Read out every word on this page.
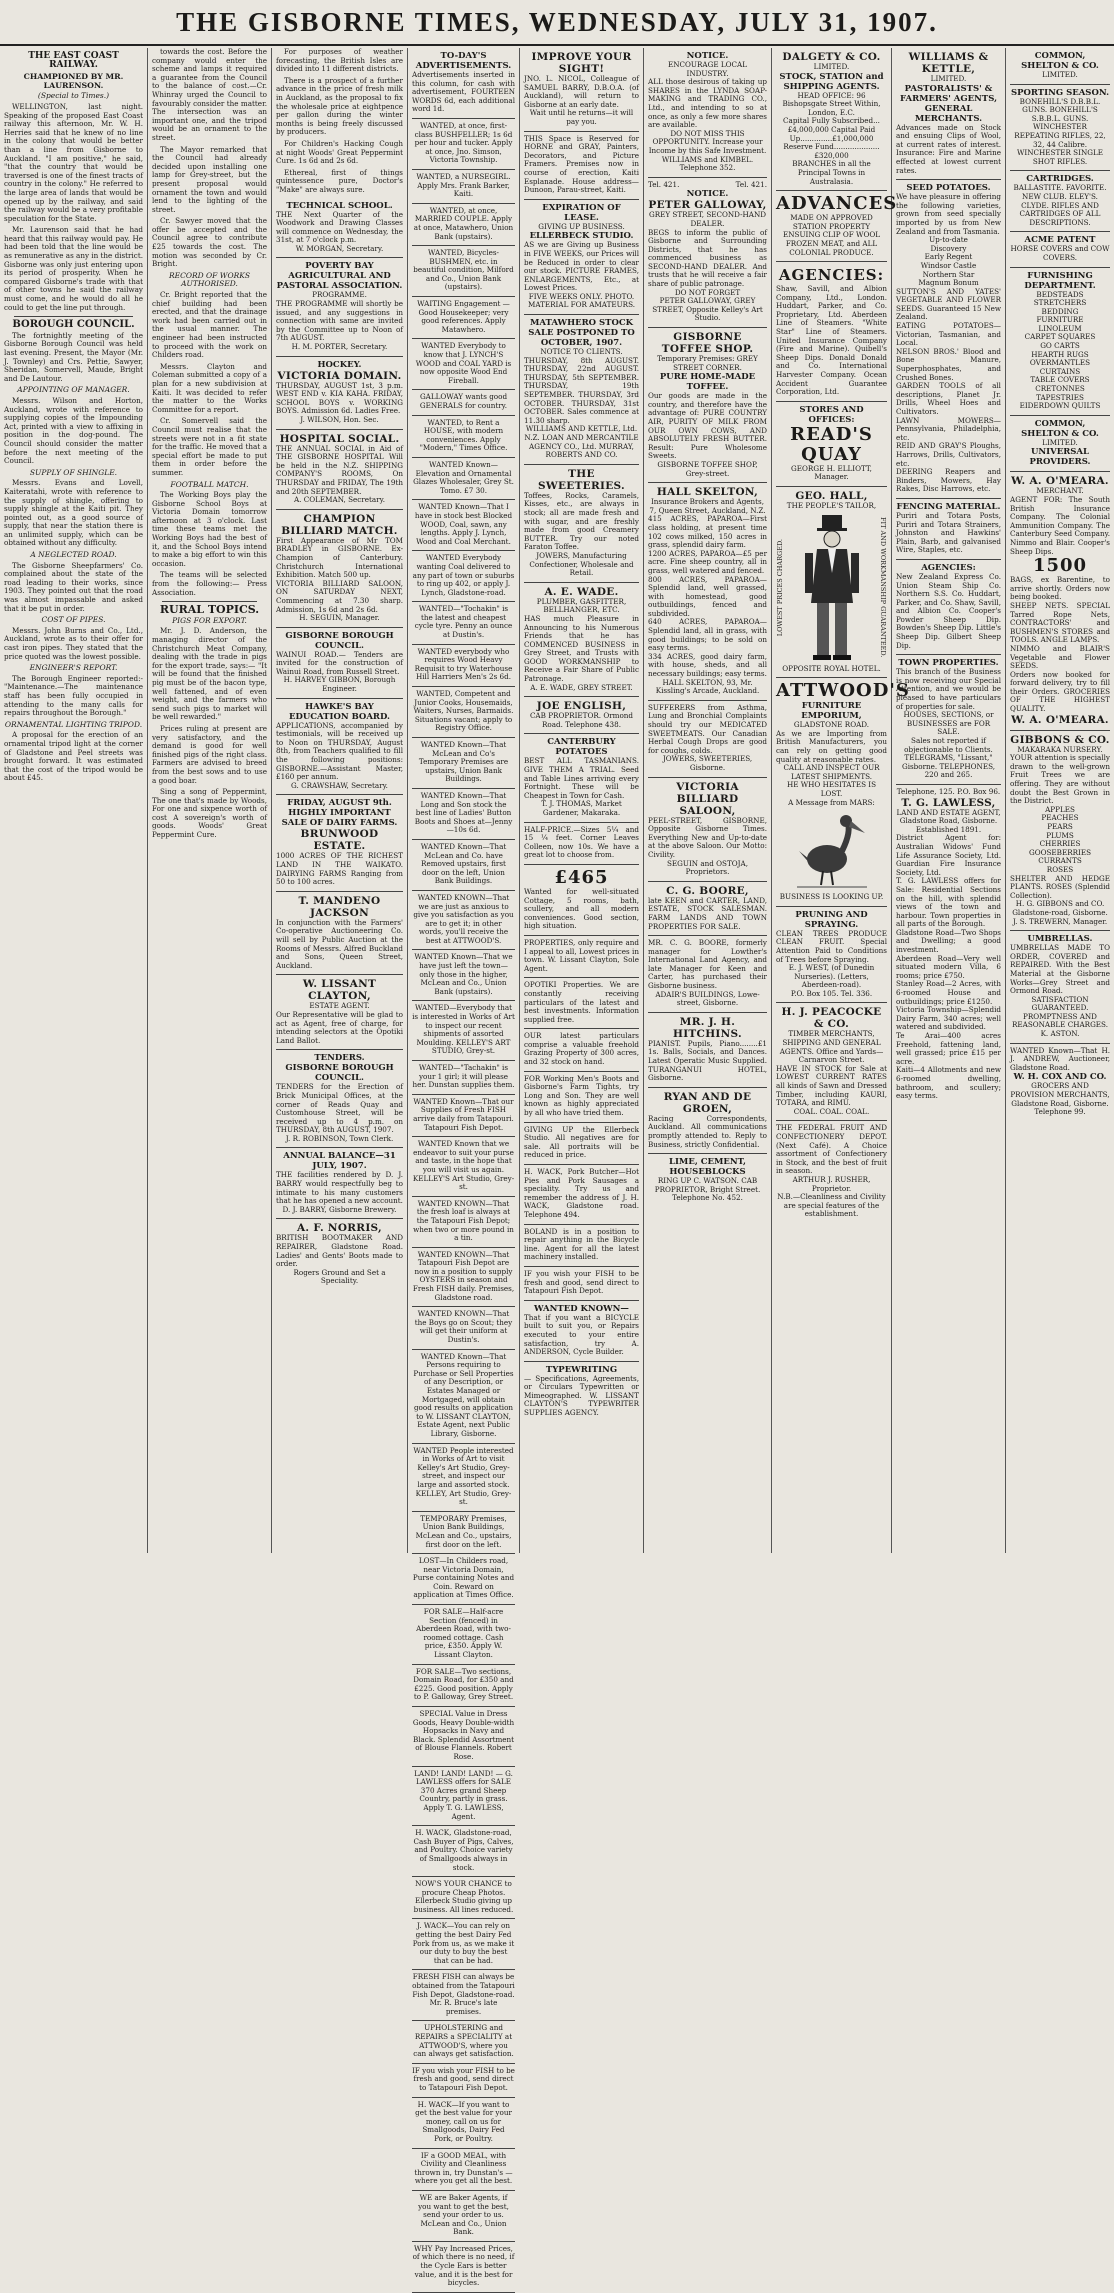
THE GISBORNE TIMES, WEDNESDAY, JULY 31, 1907.
THE EAST COAST RAILWAY.
CHAMPIONED BY MR. LAURENSON.
(Special to Times.)

WELLINGTON, last night. Speaking of the proposed East Coast railway this afternoon, Mr. W. H. Herries said that he knew of no line in the colony that would be better than a line from Gisborne to Auckland. "I am positive," he said, "that the country that would be traversed is one of the finest tracts of country in the colony." He referred to the large area of lands that would be opened up by the railway, and said the railway would be a very profitable speculation for the State.

Mr. Laurenson said that he had heard that this railway would pay. He had been told that the line would be as remunerative as any in the district. Gisborne was only just entering upon its period of prosperity. When he compared Gisborne's trade with that of other towns he said the railway must come, and he would do all he could to get the line put through.

BOROUGH COUNCIL.

The fortnightly meeting of the Gisborne Borough Council was held last evening. Present, the Mayor (Mr. J. Townley) and Crs. Pettie, Sawyer, Sheridan, Somervell, Maude, Bright and De Lautour.

APPOINTING OF MANAGER.

Messrs. Wilson and Horton, Auckland, wrote with reference to supplying copies of the Impounding Act, printed with a view to affixing in position in the dog-pound. The Council should consider the matter before the next meeting of the Council.

SUPPLY OF SHINGLE.

Messrs. Evans and Lovell, Kaiteratahi, wrote with reference to the supply of shingle, offering to supply shingle at the Kaiti pit. They pointed out, as a good source of supply, that near the station there is an unlimited supply, which can be obtained without any difficulty.

A NEGLECTED ROAD.

The Gisborne Sheepfarmers' Co. complained about the state of the road leading to their works, since 1903. They pointed out that the road was almost impassable and asked that it be put in order.

COST OF PIPES.

Messrs. John Burns and Co., Ltd., Auckland, wrote as to their offer for cast iron pipes. They stated that the price quoted was the lowest possible.

ENGINEER'S REPORT.

The Borough Engineer reported:- "Maintenance.—The maintenance staff has been fully occupied in attending to the many calls for repairs throughout the Borough."

ORNAMENTAL LIGHTING TRIPOD.

A proposal for the erection of an ornamental tripod light at the corner of Gladstone and Peel streets was brought forward. It was estimated that the cost of the tripod would be about £45.

towards the cost. Before the company would enter the scheme and lamps it required a guarantee from the Council to the balance of cost.—Cr. Whinray urged the Council to favourably consider the matter. The intersection was an important one, and the tripod would be an ornament to the street.

The Mayor remarked that the Council had already decided upon installing one lamp for Grey-street, but the present proposal would ornament the town and would lend to the lighting of the street.

Cr. Sawyer moved that the offer be accepted and the Council agree to contribute £25 towards the cost. The motion was seconded by Cr. Bright.

RECORD OF WORKS AUTHORISED.

Cr. Bright reported that the chief building had been erected, and that the drainage work had been carried out in the usual manner. The engineer had been instructed to proceed with the work on Childers road.

Messrs. Clayton and Coleman submitted a copy of a plan for a new subdivision at Kaiti. It was decided to refer the matter to the Works Committee for a report.

Cr. Somervell said the Council must realise that the streets were not in a fit state for the traffic. He moved that a special effort be made to put them in order before the summer.

FOOTBALL MATCH.

The Working Boys play the Gisborne School Boys at Victoria Domain tomorrow afternoon at 3 o'clock. Last time these teams met the Working Boys had the best of it, and the School Boys intend to make a big effort to win this occasion.

The teams will be selected from the following:— Press Association.

RURAL TOPICS.
PIGS FOR EXPORT.

Mr. J. D. Anderson, the managing director of the Christchurch Meat Company, dealing with the trade in pigs for the export trade, says:— "It will be found that the finished pig must be of the bacon type, well fattened, and of even weight, and the farmers who send such pigs to market will be well rewarded."

Prices ruling at present are very satisfactory, and the demand is good for well finished pigs of the right class. Farmers are advised to breed from the best sows and to use a good boar.

Sing a song of Peppermint, The one that's made by Woods, For one and sixpence worth of cost A sovereign's worth of goods. Woods' Great Peppermint Cure.

For purposes of weather forecasting, the British Isles are divided into 11 different districts.

There is a prospect of a further advance in the price of fresh milk in Auckland, as the proposal to fix the wholesale price at eightpence per gallon during the winter months is being freely discussed by producers.

For Children's Hacking Cough at night Woods' Great Peppermint Cure. 1s 6d and 2s 6d.

Ethereal, first of things quintessence pure, Doctor's "Make" are always sure.

TECHNICAL SCHOOL.
THE Next Quarter of the Woodwork and Drawing Classes will commence on Wednesday, the 31st, at 7 o'clock p.m.
W. MORGAN, Secretary.
POVERTY BAY AGRICULTURAL AND PASTORAL ASSOCIATION.
PROGRAMME.
THE PROGRAMME will shortly be issued, and any suggestions in connection with same are invited by the Committee up to Noon of 7th AUGUST.
H. M. PORTER, Secretary.
HOCKEY.
VICTORIA DOMAIN.
THURSDAY, AUGUST 1st, 3 p.m. WEST END v. KIA KAHA. FRIDAY, SCHOOL BOYS v. WORKING BOYS. Admission 6d. Ladies Free.
J. WILSON, Hon. Sec.
HOSPITAL SOCIAL.
THE ANNUAL SOCIAL in Aid of THE GISBORNE HOSPITAL Will be held in the N.Z. SHIPPING COMPANY'S ROOMS, On THURSDAY and FRIDAY, The 19th and 20th SEPTEMBER.
A. COLEMAN, Secretary.
CHAMPION BILLIARD MATCH.
First Appearance of Mr TOM BRADLEY in GISBORNE. Ex-Champion of Canterbury. Christchurch International Exhibition. Match 500 up.
VICTORIA BILLIARD SALOON, ON SATURDAY NEXT, Commencing at 7.30 sharp. Admission, 1s 6d and 2s 6d.
H. SEGUIN, Manager.
GISBORNE BOROUGH COUNCIL.
WAINUI ROAD.— Tenders are invited for the construction of Wainui Road, from Russell Street.
H. HARVEY GIBBON, Borough Engineer.
HAWKE'S BAY EDUCATION BOARD.
APPLICATIONS, accompanied by testimonials, will be received up to Noon on THURSDAY, August 8th, from Teachers qualified to fill the following positions: GISBORNE.—Assistant Master, £160 per annum.
G. CRAWSHAW, Secretary.
FRIDAY, AUGUST 9th.
HIGHLY IMPORTANT SALE OF DAIRY FARMS.
BRUNWOOD ESTATE.
1000 ACRES OF THE RICHEST LAND IN THE WAIKATO. DAIRYING FARMS Ranging from 50 to 100 acres.
T. MANDENO JACKSON
In conjunction with the Farmers' Co-operative Auctioneering Co. will sell by Public Auction at the Rooms of Messrs. Alfred Buckland and Sons, Queen Street, Auckland.
W. LISSANT CLAYTON,
ESTATE AGENT.
Our Representative will be glad to act as Agent, free of charge, for intending selectors at the Opotiki Land Ballot.
TENDERS.
GISBORNE BOROUGH COUNCIL.
TENDERS for the Erection of Brick Municipal Offices, at the corner of Reads Quay and Customhouse Street, will be received up to 4 p.m. on THURSDAY, 8th AUGUST, 1907.
J. R. ROBINSON, Town Clerk.
ANNUAL BALANCE—31 JULY, 1907.
THE facilities rendered by D. J. BARRY would respectfully beg to intimate to his many customers that he has opened a new account.
D. J. BARRY, Gisborne Brewery.
A. F. NORRIS,
BRITISH BOOTMAKER AND REPAIRER, Gladstone Road. Ladies' and Gents' Boots made to order.
Rogers Ground and Set a Speciality.
TO-DAY'S ADVERTISEMENTS.
Advertisements inserted in this column, for cash with advertisement, FOURTEEN WORDS 6d, each additional word 1d.
WANTED, at once, first-class BUSHFELLER; 1s 6d per hour and tucker. Apply at once, Jno. Simson, Victoria Township.
WANTED, a NURSEGIRL. Apply Mrs. Frank Barker, Kaiti.
WANTED, at once, MARRIED COUPLE. Apply at once, Matawhero, Union Bank (upstairs).
WANTED, Bicycles-BUSHMEN, etc. in beautiful condition, Milford and Co., Union Bank (upstairs).
WAITING Engagement — Good Housekeeper; very good references. Apply Matawhero.
WANTED Everybody to know that J. LYNCH'S WOOD and COAL YARD is now opposite Wood End Fireball.
GALLOWAY wants good GENERALS for country.
WANTED, to Rent a HOUSE, with modern conveniences. Apply "Modern," Times Office.
WANTED Known—Elevation and Ornamental Glazes Wholesaler, Grey St. Tomo. £7 30.
WANTED Known—That I have in stock best Blocked WOOD, Coal, sawn, any lengths. Apply J. Lynch, Wood and Coal Merchant.
WANTED Everybody wanting Coal delivered to any part of town or suburbs to ring up 402, or apply J. Lynch, Gladstone-road.
WANTED—"Tochakin" is the latest and cheapest cycle tyre. Penny an ounce at Dustin's.
WANTED everybody who requires Wood Heavy Requisit to try Waterhouse Hill Harriers Men's 2s 6d.
WANTED, Competent and Junior Cooks, Housemaids, Waiters, Nurses, Barmaids. Situations vacant; apply to Registry Office.
WANTED Known—That McLean and Co's Temporary Premises are upstairs, Union Bank Buildings.
WANTED Known—That Long and Son stock the best line of Ladies' Button Boots and Shoes at—Jenny—10s 6d.
WANTED Known—That McLean and Co. have Removed upstairs, first door on the left, Union Bank Buildings.
WANTED KNOWN—That we are just as anxious to give you satisfaction as you are to get it; in other words, you'll receive the best at ATTWOOD'S.
WANTED Known—That we have just left the town—only those in the higher, McLean and Co., Union Bank (upstairs).
WANTED—Everybody that is interested in Works of Art to inspect our recent shipments of assorted Moulding. KELLEY'S ART STUDIO, Grey-st.
WANTED—"Tachakin" is your 1 girl; it will please her. Dunstan supplies them.
WANTED Known—That our Supplies of Fresh FISH arrive daily from Tatapouri. Tatapouri Fish Depot.
WANTED Known that we endeavor to suit your purse and taste, in the hope that you will visit us again. KELLEY'S Art Studio, Grey-st.
WANTED KNOWN—That the fresh loaf is always at the Tatapouri Fish Depot; when two or more pound in a tin.
WANTED KNOWN—That Tatapouri Fish Depot are now in a position to supply OYSTERS in season and Fresh FISH daily. Premises, Gladstone road.
WANTED KNOWN—That the Boys go on Scout; they will get their uniform at Dustin's.
WANTED Known—That Persons requiring to Purchase or Sell Properties of any Description, or Estates Managed or Mortgaged, will obtain good results on application to W. LISSANT CLAYTON, Estate Agent, next Public Library, Gisborne.
WANTED People interested in Works of Art to visit Kelley's Art Studio, Grey-street, and inspect our large and assorted stock. KELLEY, Art Studio, Grey-st.
TEMPORARY Premises, Union Bank Buildings, McLean and Co., upstairs, first door on the left.
LOST—In Childers road, near Victoria Domain, Purse containing Notes and Coin. Reward on application at Times Office.
FOR SALE—Half-acre Section (fenced) in Aberdeen Road, with two-roomed cottage. Cash price, £350. Apply W. Lissant Clayton.
FOR SALE—Two sections, Domain Road, for £350 and £225. Good position. Apply to P. Galloway, Grey Street.
SPECIAL Value in Dress Goods, Heavy Double-width Hopsacks in Navy and Black. Splendid Assortment of Blouse Flannels. Robert Rose.
LAND! LAND! LAND! — G. LAWLESS offers for SALE 370 Acres grand Sheep Country, partly in grass. Apply T. G. LAWLESS, Agent.
H. WACK, Gladstone-road, Cash Buyer of Pigs, Calves, and Poultry. Choice variety of Smallgoods always in stock.
NOW'S YOUR CHANCE to procure Cheap Photos. Ellerbeck Studio giving up business. All lines reduced.
J. WACK—You can rely on getting the best Dairy Fed Pork from us, as we make it our duty to buy the best that can be had.
FRESH FISH can always be obtained from the Tatapouri Fish Depot, Gladstone-road. Mr. R. Bruce's late premises.
UPHOLSTERING and REPAIRS a SPECIALITY at ATTWOOD'S, where you can always get satisfaction.
IF you wish your FISH to be fresh and good, send direct to Tatapouri Fish Depot.
H. WACK—If you want to get the best value for your money, call on us for Smallgoods, Dairy Fed Pork, or Poultry.
IF a GOOD MEAL, with Civility and Cleanliness thrown in, try Dunstan's — where you get all the best.
WE are Baker Agents, if you want to get the best, send your order to us. McLean and Co., Union Bank.
WHY Pay Increased Prices, of which there is no need, if the Cycle Ears is better value, and it is the best for bicycles.
IMPROVE YOUR SIGHT!
JNO. L. NICOL, Colleague of SAMUEL BARRY, D.B.O.A. (of Auckland), will return to Gisborne at an early date.
Wait until he returns—it will pay you.
THIS Space is Reserved for HORNE and GRAY, Painters, Decorators, and Picture Framers. Premises now in course of erection, Kaiti Esplanade. House address—Dunoon, Parau-street, Kaiti.
EXPIRATION OF LEASE.
GIVING UP BUSINESS.
ELLERBECK STUDIO.
AS we are Giving up Business in FIVE WEEKS, our Prices will be Reduced in order to clear our stock. PICTURE FRAMES, ENLARGEMENTS, Etc., at Lowest Prices.
FIVE WEEKS ONLY. PHOTO. MATERIAL FOR AMATEURS.
MATAWHERO STOCK SALE POSTPONED TO OCTOBER, 1907.
NOTICE TO CLIENTS.
THURSDAY, 8th AUGUST. THURSDAY, 22nd AUGUST. THURSDAY, 5th SEPTEMBER. THURSDAY, 19th SEPTEMBER. THURSDAY, 3rd OCTOBER. THURSDAY, 31st OCTOBER. Sales commence at 11.30 sharp.
WILLIAMS AND KETTLE, Ltd. N.Z. LOAN AND MERCANTILE AGENCY CO., Ltd. MURRAY, ROBERTS AND CO.
THE SWEETERIES.
Toffees, Rocks, Caramels, Kisses, etc., are always in stock; all are made fresh and with sugar, and are freshly made from good Creamery BUTTER. Try our noted Faraton Toffee.
JOWERS, Manufacturing Confectioner, Wholesale and Retail.
A. E. WADE.
PLUMBER, GASFITTER, BELLHANGER, ETC.
HAS much Pleasure in Announcing to his Numerous Friends that he has COMMENCED BUSINESS in Grey Street, and Trusts with GOOD WORKMANSHIP to Receive a Fair Share of Public Patronage.
A. E. WADE, GREY STREET.
JOE ENGLISH,
CAB PROPRIETOR. Ormond Road. Telephone 438.
CANTERBURY POTATOES
BEST ALL TASMANIANS. GIVE THEM A TRIAL. Seed and Table Lines arriving every Fortnight. These will be Cheapest in Town for Cash.
T. J. THOMAS, Market Gardener, Makaraka.
HALF-PRICE.—Sizes 5¼ and 15 ¼ feet. Corner Leaves Colleen, now 10s. We have a great lot to choose from.
£465
Wanted for well-situated Cottage, 5 rooms, bath, scullery, and all modern conveniences. Good section, high situation.
PROPERTIES, only require and I appeal to all, Lowest prices in town. W. Lissant Clayton, Sole Agent.
OPOTIKI Properties. We are constantly receiving particulars of the latest and best investments. Information supplied free.
OUR latest particulars comprise a valuable freehold Grazing Property of 300 acres, and 32 stock on hand.
FOR Working Men's Boots and Gisborne's Farm Tights, try Long and Son. They are well known as highly appreciated by all who have tried them.
GIVING UP the Ellerbeck Studio. All negatives are for sale. All portraits will be reduced in price.
H. WACK, Pork Butcher—Hot Pies and Pork Sausages a speciality. Try us and remember the address of J. H. WACK, Gladstone road. Telephone 494.
BOLAND is in a position to repair anything in the Bicycle line. Agent for all the latest machinery installed.
IF you wish your FISH to be fresh and good, send direct to Tatapouri Fish Depot.
WANTED KNOWN—
That if you want a BICYCLE built to suit you, or Repairs executed to your entire satisfaction, try A. ANDERSON, Cycle Builder.
TYPEWRITING
— Specifications, Agreements, or Circulars Typewritten or Mimeographed. W. LISSANT CLAYTON'S TYPEWRITER SUPPLIES AGENCY.
NOTICE.
ENCOURAGE LOCAL INDUSTRY.
ALL those desirous of taking up SHARES in the LYNDA SOAP-MAKING and TRADING CO., Ltd., and intending to so at once, as only a few more shares are available.
DO NOT MISS THIS OPPORTUNITY. Increase your Income by this Safe Investment.
WILLIAMS and KIMBEL. Telephone 352.
Tel. 421.	Tel. 421.
NOTICE.
PETER GALLOWAY,
GREY STREET, SECOND-HAND DEALER.
BEGS to inform the public of Gisborne and Surrounding Districts, that he has commenced business as SECOND-HAND DEALER. And trusts that he will receive a fair share of public patronage.
DO NOT FORGET
PETER GALLOWAY, GREY STREET, Opposite Kelley's Art Studio.
GISBORNE TOFFEE SHOP.
Temporary Premises: GREY STREET CORNER.
PURE HOME-MADE TOFFEE.
Our goods are made in the country, and therefore have the advantage of: PURE COUNTRY AIR, PURITY OF MILK FROM OUR OWN COWS, AND ABSOLUTELY FRESH BUTTER. Result: Pure Wholesome Sweets.
GISBORNE TOFFEE SHOP, Grey-street.
HALL SKELTON,
Insurance Brokers and Agents, 7, Queen Street, Auckland, N.Z.
415 ACRES, PAPAROA—First class holding, at present time 102 cows milked, 150 acres in grass, splendid dairy farm.
1200 ACRES, PAPAROA—£5 per acre. Fine sheep country, all in grass, well watered and fenced.
800 ACRES, PAPAROA—Splendid land, well grassed, with homestead, good outbuildings, fenced and subdivided.
640 ACRES, PAPAROA—Splendid land, all in grass, with good buildings; to be sold on easy terms.
334 ACRES, good dairy farm, with house, sheds, and all necessary buildings; easy terms.
HALL SKELTON, 93, Mr. Kissling's Arcade, Auckland.
SUFFERERS from Asthma, Lung and Bronchial Complaints should try our MEDICATED SWEETMEATS. Our Canadian Herbal Cough Drops are good for coughs, colds.
JOWERS, SWEETERIES, Gisborne.
VICTORIA BILLIARD SALOON,
PEEL-STREET, GISBORNE, Opposite Gisborne Times. Everything New and Up-to-date at the above Saloon. Our Motto: Civility.
SEGUIN and OSTOJA, Proprietors.
C. G. BOORE,
late KEEN and CARTER, LAND, ESTATE, STOCK SALESMAN. FARM LANDS AND TOWN PROPERTIES FOR SALE.
MR. C. G. BOORE, formerly manager for Lowther's International Land Agency, and late Manager for Keen and Carter, has purchased their Gisborne business.
ADAIR'S BUILDINGS, Lowe-street, Gisborne.
MR. J. H. HITCHINS.
PIANIST. Pupils, Piano........£1 1s. Balls, Socials, and Dances. Latest Operatic Music Supplied. TURANGANUI HOTEL, Gisborne.
RYAN AND DE GROEN,
Racing Correspondents, Auckland. All communications promptly attended to. Reply to Business, strictly Confidential.
LIME, CEMENT, HOUSEBLOCKS
RING UP C. WATSON. CAB PROPRIETOR, Bright Street. Telephone No. 452.
DALGETY & CO.
LIMITED.
STOCK, STATION and SHIPPING AGENTS.
HEAD OFFICE: 96 Bishopsgate Street Within, London, E.C.
Capital Fully Subscribed...£4,000,000 Capital Paid Up..............£1,000,000 Reserve Fund....................£320,000
BRANCHES in all the Principal Towns in Australasia.
ADVANCES
MADE ON APPROVED STATION PROPERTY ENSUING CLIP OF WOOL FROZEN MEAT, and ALL COLONIAL PRODUCE.
AGENCIES:
Shaw, Savill, and Albion Company, Ltd., London. Huddart, Parker, and Co. Proprietary, Ltd. Aberdeen Line of Steamers. "White Star" Line of Steamers. United Insurance Company (Fire and Marine). Quibell's Sheep Dips. Donald Donald and Co. International Harvester Company. Ocean Accident Guarantee Corporation, Ltd.
STORES AND OFFICES:
READ'S QUAY
GEORGE H. ELLIOTT, Manager.
GEO. HALL,
THE PEOPLE'S TAILOR,
LOWEST PRICES CHARGED.	FIT AND WORKMANSHIP GUARANTEED.
OPPOSITE ROYAL HOTEL.
ATTWOOD'S
FURNITURE EMPORIUM,
GLADSTONE ROAD.
As we are Importing from British Manufacturers, you can rely on getting good quality at reasonable rates.
CALL AND INSPECT OUR LATEST SHIPMENTS.
HE WHO HESITATES IS LOST.
A Message from MARS:
BUSINESS IS LOOKING UP.
PRUNING AND SPRAYING.
CLEAN TREES PRODUCE CLEAN FRUIT. Special Attention Paid to Conditions of Trees before Spraying.
E. J. WEST, (of Dunedin Nurseries). (Letters, Aberdeen-road).
P.O. Box 105. Tel. 336.
H. J. PEACOCKE & CO.
TIMBER MERCHANTS, SHIPPING AND GENERAL AGENTS. Office and Yards—Carnarvon Street.
HAVE IN STOCK for Sale at LOWEST CURRENT RATES all kinds of Sawn and Dressed Timber, including KAURI, TOTARA, and RIMU.
COAL. COAL. COAL.
THE FEDERAL FRUIT AND CONFECTIONERY DEPOT. (Next Café). A Choice assortment of Confectionery in Stock, and the best of fruit in season.
ARTHUR J. RUSHER, Proprietor.
N.B.—Cleanliness and Civility are special features of the establishment.
WILLIAMS & KETTLE,
LIMITED.
PASTORALISTS' & FARMERS' AGENTS,
GENERAL MERCHANTS.
Advances made on Stock and ensuing Clips of Wool, at current rates of interest. Insurance: Fire and Marine effected at lowest current rates.
SEED POTATOES.
We have pleasure in offering the following varieties, grown from seed specially imported by us from New Zealand and from Tasmania.
Up-to-date
Discovery
Early Regent
Windsor Castle
Northern Star
Magnum Bonum
SUTTON'S AND YATES' VEGETABLE AND FLOWER SEEDS. Guaranteed 15 New Zealand.
EATING POTATOES—Victorian, Tasmanian, and Local.
NELSON BROS.' Blood and Bone Manure, Superphosphates, and Crushed Bones.
GARDEN TOOLS of all descriptions, Planet Jr. Drills, Wheel Hoes and Cultivators.
LAWN MOWERS—Pennsylvania, Philadelphia, etc.
REID AND GRAY'S Ploughs, Harrows, Drills, Cultivators, etc.
DEERING Reapers and Binders, Mowers, Hay Rakes, Disc Harrows, etc.
FENCING MATERIAL.
Puriri and Totara Posts, Puriri and Totara Strainers, Johnston and Hawkins' Plain, Barb, and galvanised Wire, Staples, etc.
AGENCIES:
New Zealand Express Co. Union Steam Ship Co. Northern S.S. Co. Huddart, Parker, and Co. Shaw, Savill, and Albion Co. Cooper's Powder Sheep Dip. Bowden's Sheep Dip. Little's Sheep Dip. Gilbert Sheep Dip.
TOWN PROPERTIES.
This branch of the Business is now receiving our Special Attention, and we would be pleased to have particulars of properties for sale.
HOUSES, SECTIONS, or BUSINESSES are FOR SALE.
Sales not reported if objectionable to Clients.
TELEGRAMS, "Lissant," Gisborne. TELEPHONES, 220 and 265.
Telephone, 125. P.O. Box 96.
T. G. LAWLESS,
LAND AND ESTATE AGENT, Gladstone Road, Gisborne. Established 1891.
District Agent for: Australian Widows' Fund Life Assurance Society, Ltd. Guardian Fire Insurance Society, Ltd.
T. G. LAWLESS offers for Sale: Residential Sections on the hill, with splendid views of the town and harbour. Town properties in all parts of the Borough.
Gladstone Road—Two Shops and Dwelling; a good investment.
Aberdeen Road—Very well situated modern Villa, 6 rooms; price £750.
Stanley Road—2 Acres, with 6-roomed House and outbuildings; price £1250.
Victoria Township—Splendid Dairy Farm, 340 acres; well watered and subdivided.
Te Arai—400 acres Freehold, fattening land, well grassed; price £15 per acre.
Kaiti—4 Allotments and new 6-roomed dwelling, bathroom, and scullery; easy terms.
COMMON, SHELTON & CO.
LIMITED.
SPORTING SEASON.
BONEHILL'S D.B.B.L. GUNS. BONEHILL'S S.B.B.L. GUNS. WINCHESTER REPEATING RIFLES, 22, 32, 44 Calibre. WINCHESTER SINGLE SHOT RIFLES.
CARTRIDGES.
BALLASTITE. FAVORITE. NEW CLUB. ELEY'S. CLYDE. RIFLES AND CARTRIDGES OF ALL DESCRIPTIONS.
ACME PATENT
HORSE COVERS and COW COVERS.
FURNISHING DEPARTMENT.
BEDSTEADS
STRETCHERS
BEDDING
FURNITURE
LINOLEUM
CARPET SQUARES
GO CARTS
HEARTH RUGS
OVERMANTLES
CURTAINS
TABLE COVERS
CRETONNES
TAPESTRIES
EIDERDOWN QUILTS
COMMON, SHELTON & CO.
LIMITED.
UNIVERSAL PROVIDERS.
W. A. O'MEARA.
MERCHANT.
AGENT FOR: The South British Insurance Company. The Colonial Ammunition Company. The Canterbury Seed Company. Nimmo and Blair. Cooper's Sheep Dips.
1500
BAGS, ex Barentine, to arrive shortly. Orders now being booked.
SHEEP NETS. SPECIAL Tarred Rope Nets, CONTRACTORS' and BUSHMEN'S STORES and TOOLS. ANGLE LAMPS.
NIMMO and BLAIR'S Vegetable and Flower SEEDS.
Orders now booked for forward delivery, try to fill their Orders. GROCERIES OF THE HIGHEST QUALITY.
W. A. O'MEARA.
GIBBONS & CO.
MAKARAKA NURSERY.
YOUR attention is specially drawn to the well-grown Fruit Trees we are offering. They are without doubt the Best Grown in the District.
APPLES
PEACHES
PEARS
PLUMS
CHERRIES
GOOSEBERRIES
CURRANTS
ROSES
SHELTER AND HEDGE PLANTS. ROSES (Splendid Collection).
H. G. GIBBONS and CO. Gladstone-road, Gisborne. J. S. TREWERN, Manager.
UMBRELLAS.
UMBRELLAS MADE TO ORDER, COVERED and REPAIRED. With the Best Material at the Gisborne Works—Grey Street and Ormond Road.
SATISFACTION GUARANTEED. PROMPTNESS AND REASONABLE CHARGES.
K. ASTON.
WANTED Known—That H. J. ANDREW, Auctioneer, Gladstone Road.
W. H. COX AND CO.
GROCERS AND PROVISION MERCHANTS, Gladstone Road, Gisborne.
Telephone 99.
